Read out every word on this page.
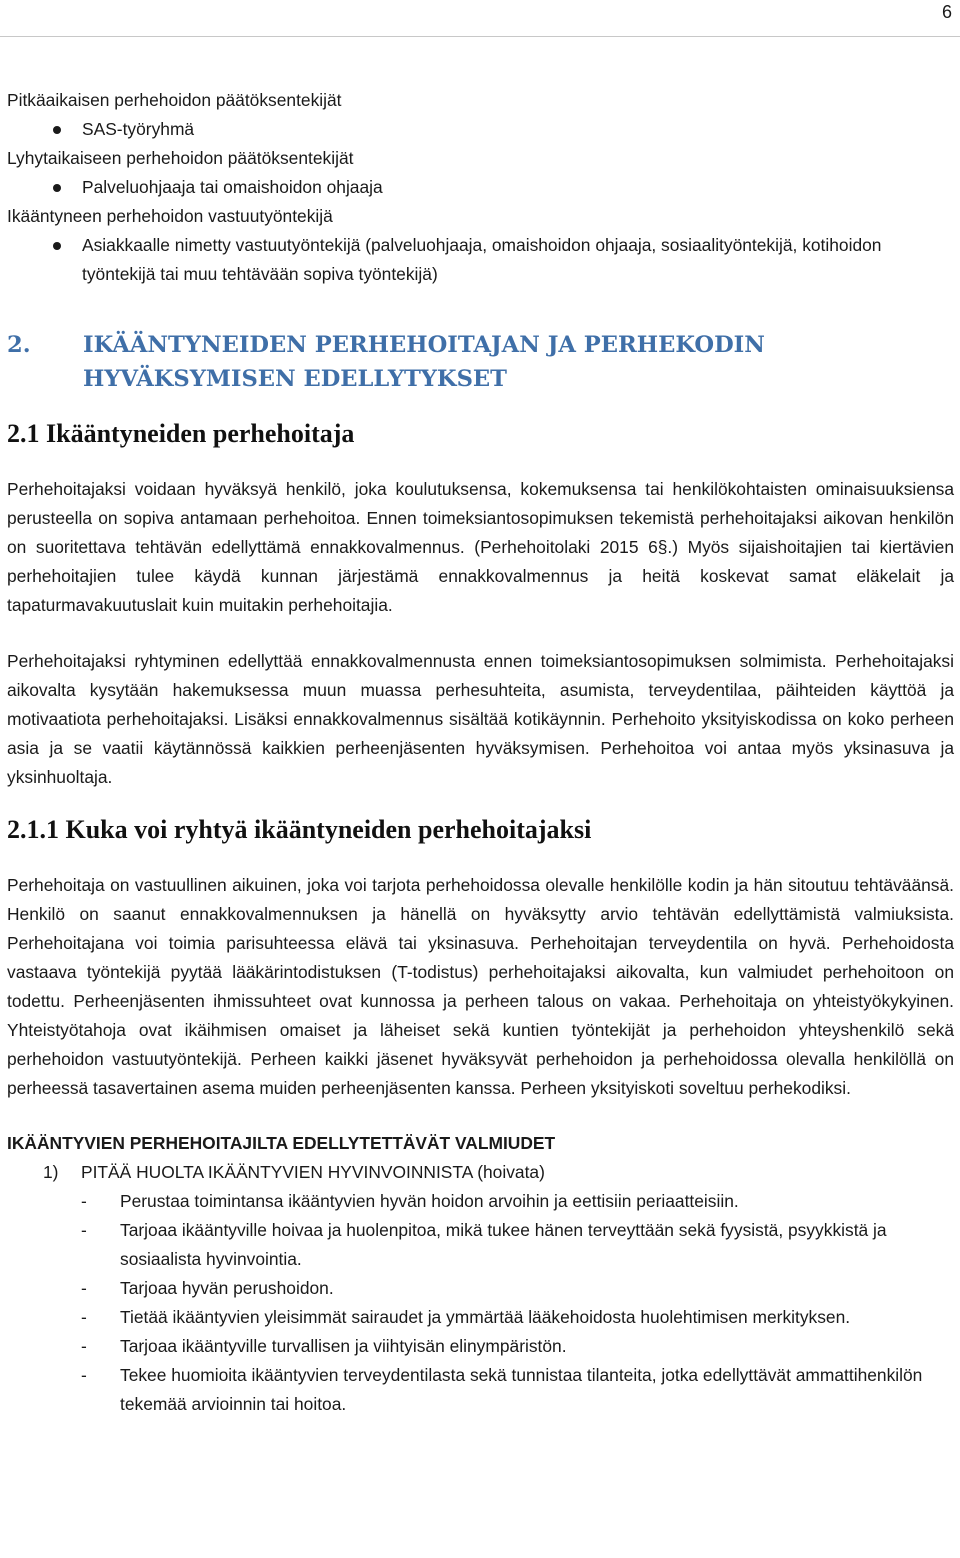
6

Pitkäaikaisen perhehoidon päätöksentekijät

SAS-työryhmä

Lyhytaikaiseen perhehoidon päätöksentekijät

Palveluohjaaja tai omaishoidon ohjaaja

Ikääntyneen perhehoidon vastuutyöntekijä

Asiakkaalle nimetty vastuutyöntekijä (palveluohjaaja, omaishoidon ohjaaja, sosiaalityöntekijä, kotihoidon työntekijä tai muu tehtävään sopiva työntekijä)

2. IKÄÄNTYNEIDEN PERHEHOITAJAN JA PERHEKODIN HYVÄKSYMISEN EDELLYTYKSET
2.1 Ikääntyneiden perhehoitaja

Perhehoitajaksi voidaan hyväksyä henkilö, joka koulutuksensa, kokemuksensa tai henkilökohtaisten ominaisuuksiensa perusteella on sopiva antamaan perhehoitoa. Ennen toimeksiantosopimuksen tekemistä perhehoitajaksi aikovan henkilön on suoritettava tehtävän edellyttämä ennakkovalmennus. (Perhehoitolaki 2015 6§.) Myös sijaishoitajien tai kiertävien perhehoitajien tulee käydä kunnan järjestämä ennakkovalmennus ja heitä koskevat samat eläkelait ja tapaturmavakuutuslait kuin muitakin perhehoitajia.

Perhehoitajaksi ryhtyminen edellyttää ennakkovalmennusta ennen toimeksiantosopimuksen solmimista. Perhehoitajaksi aikovalta kysytään hakemuksessa muun muassa perhesuhteita, asumista, terveydentilaa, päihteiden käyttöä ja motivaatiota perhehoitajaksi. Lisäksi ennakkovalmennus sisältää kotikäynnin. Perhehoito yksityiskodissa on koko perheen asia ja se vaatii käytännössä kaikkien perheenjäsenten hyväksymisen. Perhehoitoa voi antaa myös yksinasuva ja yksinhuoltaja.

2.1.1 Kuka voi ryhtyä ikääntyneiden perhehoitajaksi

Perhehoitaja on vastuullinen aikuinen, joka voi tarjota perhehoidossa olevalle henkilölle kodin ja hän sitoutuu tehtäväänsä. Henkilö on saanut ennakkovalmennuksen ja hänellä on hyväksytty arvio tehtävän edellyttämistä valmiuksista. Perhehoitajana voi toimia parisuhteessa elävä tai yksinasuva. Perhehoitajan terveydentila on hyvä. Perhehoidosta vastaava työntekijä pyytää lääkärintodistuksen (T-todistus) perhehoitajaksi aikovalta, kun valmiudet perhehoitoon on todettu. Perheenjäsenten ihmissuhteet ovat kunnossa ja perheen talous on vakaa. Perhehoitaja on yhteistyökykyinen. Yhteistyötahoja ovat ikäihmisen omaiset ja läheiset sekä kuntien työntekijät ja perhehoidon yhteyshenkilö sekä perhehoidon vastuutyöntekijä. Perheen kaikki jäsenet hyväksyvät perhehoidon ja perhehoidossa olevalla henkilöllä on perheessä tasavertainen asema muiden perheenjäsenten kanssa. Perheen yksityiskoti soveltuu perhekodiksi.

IKÄÄNTYVIEN PERHEHOITAJILTA EDELLYTETTÄVÄT VALMIUDET

1) PITÄÄ HUOLTA IKÄÄNTYVIEN HYVINVOINNISTA (hoivata)

- Perustaa toimintansa ikääntyvien hyvän hoidon arvoihin ja eettisiin periaatteisiin.

- Tarjoaa ikääntyville hoivaa ja huolenpitoa, mikä tukee hänen terveyttään sekä fyysistä, psyykkistä ja sosiaalista hyvinvointia.

- Tarjoaa hyvän perushoidon.

- Tietää ikääntyvien yleisimmät sairaudet ja ymmärtää lääkehoidosta huolehtimisen merkityksen.

- Tarjoaa ikääntyville turvallisen ja viihtyisän elinympäristön.

- Tekee huomioita ikääntyvien terveydentilasta sekä tunnistaa tilanteita, jotka edellyttävät ammattihenkilön tekemää arvioinnin tai hoitoa.
